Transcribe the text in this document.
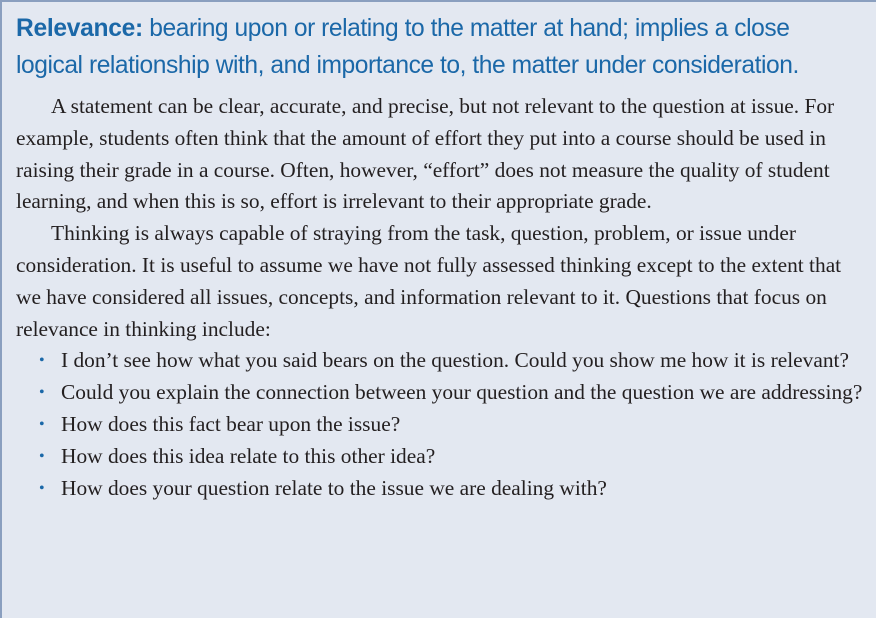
Relevance: bearing upon or relating to the matter at hand; implies a close
logical relationship with, and importance to, the matter under consideration.

A statement can be clear, accurate, and precise, but not relevant to the question at issue. For example, students often think that the amount of effort they put into a course should be used in raising their grade in a course. Often, however, “effort” does not measure the quality of student learning, and when this is so, effort is irrelevant to their appropriate grade.

Thinking is always capable of straying from the task, question, problem, or issue under consideration. It is useful to assume we have not fully assessed thinking except to the extent that we have considered all issues, concepts, and information relevant to it. Questions that focus on relevance in thinking include:

• I don’t see how what you said bears on the question. Could you show me how it is relevant?
• Could you explain the connection between your question and the question we are addressing?
• How does this fact bear upon the issue?
• How does this idea relate to this other idea?
• How does your question relate to the issue we are dealing with?
